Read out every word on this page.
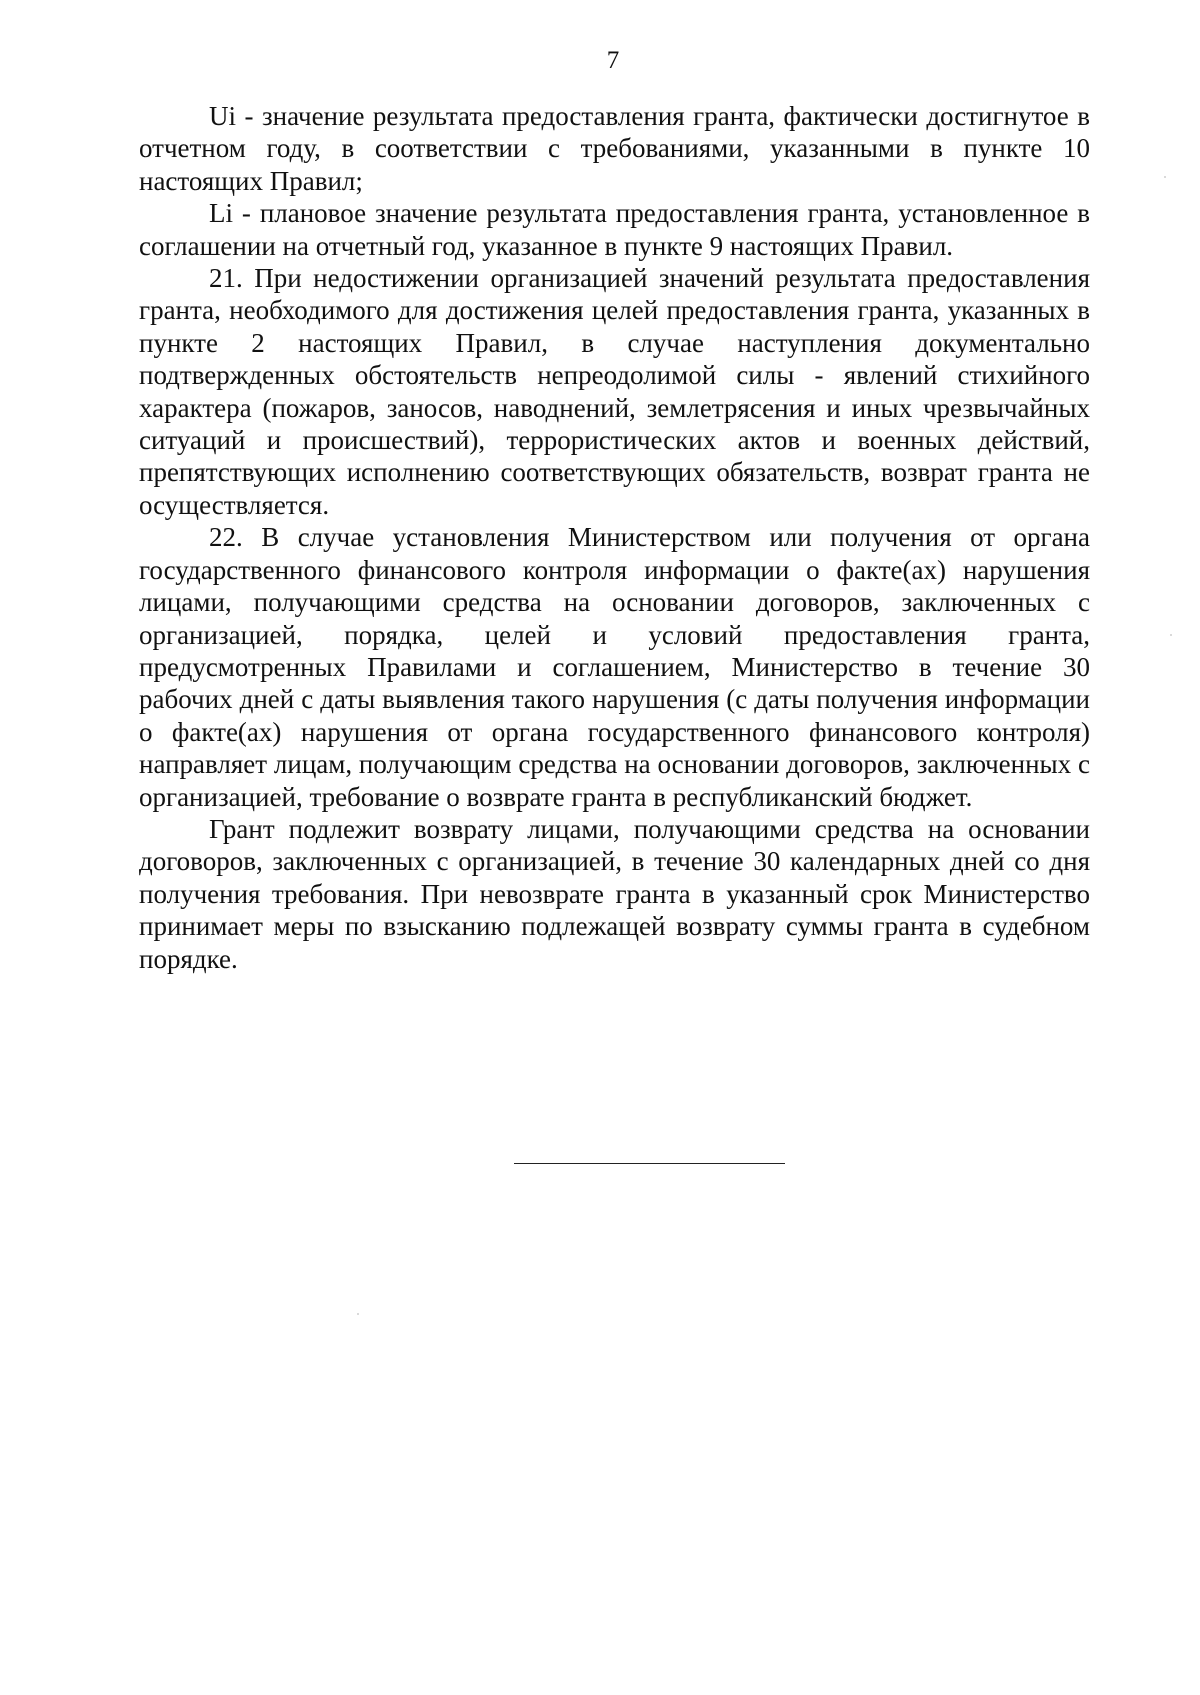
7

Ui - значение результата предоставления гранта, фактически достигнутое в отчетном году, в соответствии с требованиями, указанными в пункте 10 настоящих Правил;

Li - плановое значение результата предоставления гранта, установленное в соглашении на отчетный год, указанное в пункте 9 настоящих Правил.

21. При недостижении организацией значений результата предоставления гранта, необходимого для достижения целей предоставления гранта, указанных в пункте 2 настоящих Правил, в случае наступления документально подтвержденных обстоятельств непреодолимой силы - явлений стихийного характера (пожаров, заносов, наводнений, землетрясения и иных чрезвычайных ситуаций и происшествий), террористических актов и военных действий, препятствующих исполнению соответствующих обязательств, возврат гранта не осуществляется.

22. В случае установления Министерством или получения от органа государственного финансового контроля информации о факте(ах) нарушения лицами, получающими средства на основании договоров, заключенных с организацией, порядка, целей и условий предоставления гранта, предусмотренных Правилами и соглашением, Министерство в течение 30 рабочих дней с даты выявления такого нарушения (с даты получения информации о факте(ах) нарушения от органа государственного финансового контроля) направляет лицам, получающим средства на основании договоров, заключенных с организацией, требование о возврате гранта в республиканский бюджет.

Грант подлежит возврату лицами, получающими средства на основании договоров, заключенных с организацией, в течение 30 календарных дней со дня получения требования. При невозврате гранта в указанный срок Министерство принимает меры по взысканию подлежащей возврату суммы гранта в судебном порядке.
